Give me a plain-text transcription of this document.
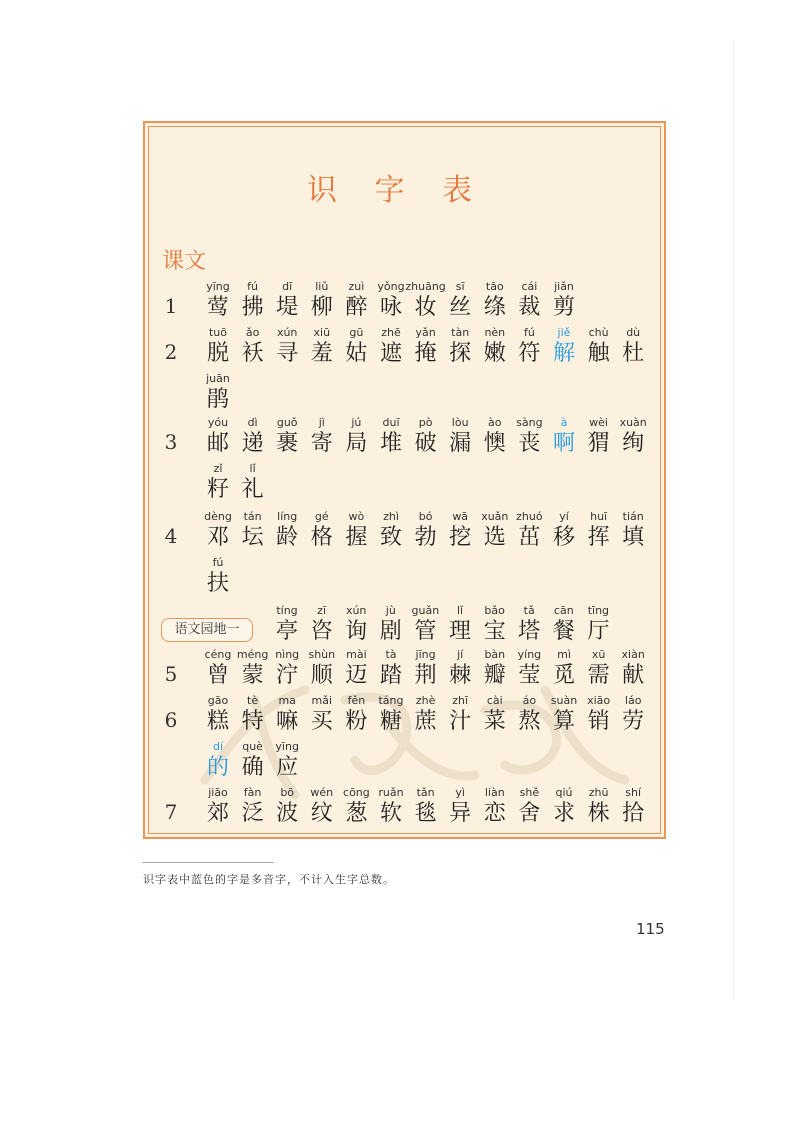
识 字 表
课文
语文园地一
1
yīng
莺
fú
拂
dī
堤
liǔ
柳
zuì
醉
yǒng
咏
zhuāng
妆
sī
丝
tāo
绦
cái
裁
jiǎn
剪
2
tuō
脱
ǎo
袄
xún
寻
xiū
羞
gū
姑
zhē
遮
yǎn
掩
tàn
探
nèn
嫩
fú
符
jiě
解
chù
触
dù
杜
juān
鹃
3
yóu
邮
dì
递
guǒ
裹
jì
寄
jú
局
duī
堆
pò
破
lòu
漏
ào
懊
sàng
丧
à
啊
wèi
猬
xuàn
绚
zǐ
籽
lǐ
礼
4
dèng
邓
tán
坛
líng
龄
gé
格
wò
握
zhì
致
bó
勃
wā
挖
xuǎn
选
zhuó
茁
yí
移
huī
挥
tián
填
fú
扶
tíng
亭
zī
咨
xún
询
jù
剧
guǎn
管
lǐ
理
bǎo
宝
tǎ
塔
cān
餐
tīng
厅
5
céng
曾
méng
蒙
nìng
泞
shùn
顺
mài
迈
tà
踏
jīng
荆
jí
棘
bàn
瓣
yíng
莹
mì
觅
xū
需
xiàn
献
6
gāo
糕
tè
特
ma
嘛
mǎi
买
fěn
粉
táng
糖
zhè
蔗
zhī
汁
cài
菜
áo
熬
suàn
算
xiāo
销
láo
劳
dí
的
què
确
yīng
应
7
jiāo
郊
fàn
泛
bō
波
wén
纹
cōng
葱
ruǎn
软
tǎn
毯
yì
异
liàn
恋
shě
舍
qiú
求
zhū
株
shí
拾
识字表中蓝色的字是多音字，不计入生字总数。
115
